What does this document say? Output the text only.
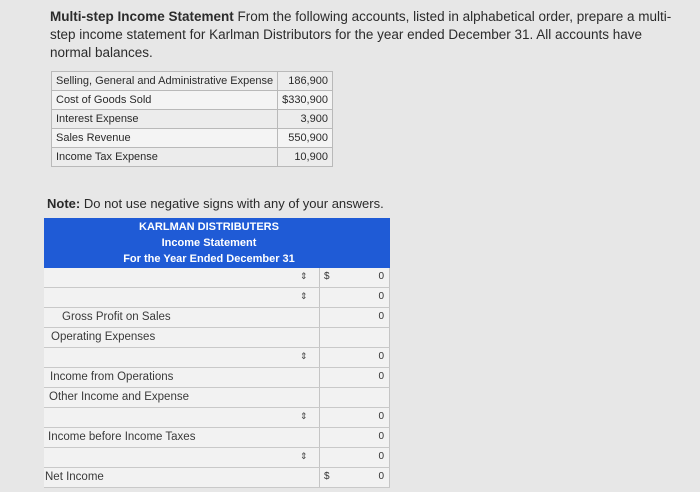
Multi-step Income Statement From the following accounts, listed in alphabetical order, prepare a multi-step income statement for Karlman Distributors for the year ended December 31. All accounts have normal balances.
Selling, General and Administrative Expense	186,900
Cost of Goods Sold	$330,900
Interest Expense	3,900
Sales Revenue	550,900
Income Tax Expense	10,900
Note: Do not use negative signs with any of your answers.
KARLMAN DISTRIBUTERS
Income Statement
For the Year Ended December 31
⇕ $	0
⇕	0
Gross Profit on Sales	0
Operating Expenses
⇕	0
Income from Operations	0
Other Income and Expense
⇕	0
Income before Income Taxes	0
⇕	0
Net Income	$	0
